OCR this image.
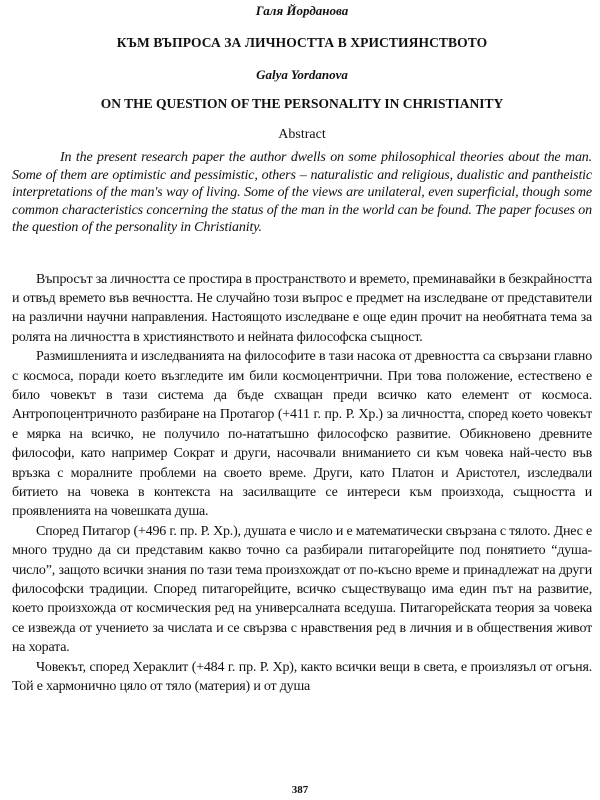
Галя Йорданова
КЪМ ВЪПРОСА ЗА ЛИЧНОСТТА В ХРИСТИЯНСТВОТО
Galya Yordanova
ON THE QUESTION OF THE PERSONALITY IN CHRISTIANITY
Abstract

In the present research paper the author dwells on some philosophical theories about the man. Some of them are optimistic and pessimistic, others – naturalistic and religious, dualistic and pantheistic interpretations of the man's way of living. Some of the views are unilateral, even superficial, though some common characteristics concerning the status of the man in the world can be found. The paper focuses on the question of the personality in Christianity.

Въпросът за личността се простира в пространството и времето, преминавайки в безкрайността и отвъд времето във вечността. Не случайно този въпрос е предмет на изследване от представители на различни научни направления. Настоящото изследване е още един прочит на необятната тема за ролята на личността в християнството и нейната философска същност.

Размишленията и изследванията на философите в тази насока от древността са свързани главно с космоса, поради което възгледите им били космоцентрични. При това положение, естествено е било човекът в тази система да бъде схващан преди всичко като елемент от космоса. Антропоцентричното разбиране на Протагор (+411 г. пр. Р. Хр.) за личността, според което човекът е мярка на всичко, не получило по-нататъшно философско развитие. Обикновено древните философи, като например Сократ и други, насочвали вниманието си към човека най-често във връзка с моралните проблеми на своето време. Други, като Платон и Аристотел, изследвали битието на човека в контекста на засилващите се интереси към произхода, същността и проявленията на човешката душа.

Според Питагор (+496 г. пр. Р. Хр.), душата е число и е математически свързана с тялото. Днес е много трудно да си представим какво точно са разбирали питагорейците под понятието “душа-число”, защото всички знания по тази тема произхождат от по-късно време и принадлежат на други философски традиции. Според питагорейците, всичко съществуващо има един път на развитие, което произхожда от космическия ред на универсалната вседуша. Питагорейската теория за човека се извежда от учението за числата и се свързва с нравствения ред в личния и в обществения живот на хората.

Човекът, според Хераклит (+484 г. пр. Р. Хр), както всички вещи в света, е произлязъл от огъня. Той е хармонично цяло от тяло (материя) и от душа

387
